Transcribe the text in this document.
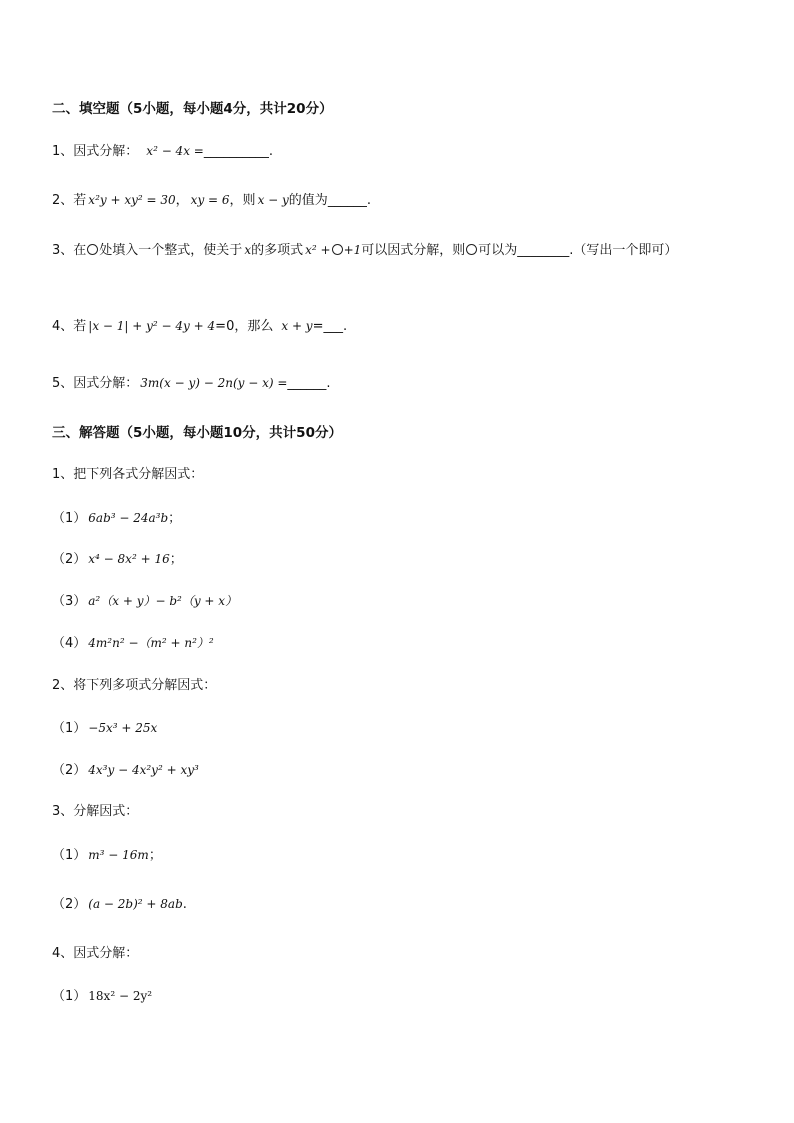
二、填空题（5小题，每小题4分，共计20分）
1、因式分解： x² − 4x =__________.
2、若 x²y + xy² = 30， xy = 6，则 x − y的值为______.
3、在 处填入一个整式，使关于 x的多项式 x² + +1可以因式分解，则 可以为________.（写出一个即可）
4、若 |x − 1| + y² − 4y + 4=0，那么 x + y=___.
5、因式分解： 3m(x − y) − 2n(y − x) =______.
三、解答题（5小题，每小题10分，共计50分）
1、把下列各式分解因式：
（1） 6ab³ − 24a³b；
（2） x⁴ − 8x² + 16；
（3） a²（x + y）− b²（y + x）
（4） 4m²n² −（m² + n²）²
2、将下列多项式分解因式：
（1） −5x³ + 25x
（2） 4x³y − 4x²y² + xy³
3、分解因式：
（1） m³ − 16m；
（2） (a − 2b)² + 8ab.
4、因式分解：
（1） 18x² − 2y²
